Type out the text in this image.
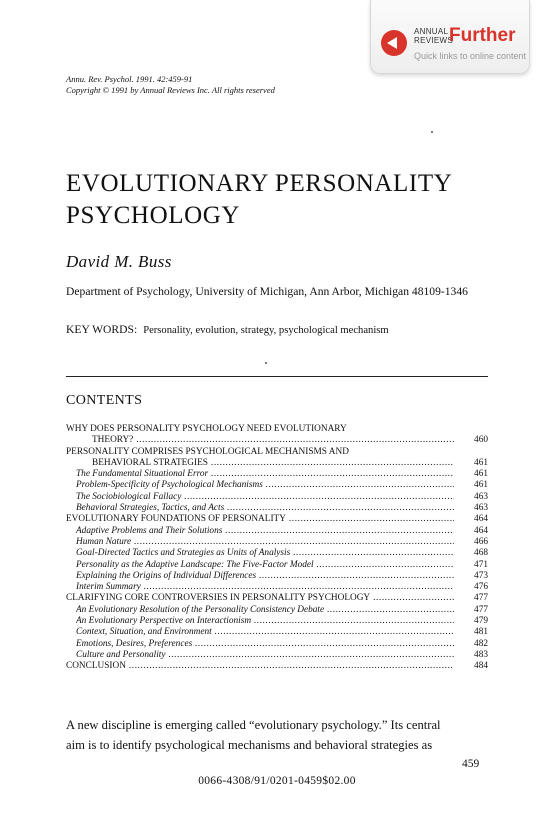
ANNUAL
REVIEWS
Further
Quick links to online content
Annu. Rev. Psychol. 1991. 42:459-91
Copyright © 1991 by Annual Reviews Inc. All rights reserved
EVOLUTIONARY PERSONALITY
PSYCHOLOGY
David M. Buss
Department of Psychology, University of Michigan, Ann Arbor, Michigan 48109-1346
KEY WORDS: Personality, evolution, strategy, psychological mechanism
CONTENTS
WHY DOES PERSONALITY PSYCHOLOGY NEED EVOLUTIONARY
THEORY? .....	460
PERSONALITY COMPRISES PSYCHOLOGICAL MECHANISMS AND
BEHAVIORAL STRATEGIES .....	461
The Fundamental Situational Error .....	461
Problem-Specificity of Psychological Mechanisms .....	461
The Sociobiological Fallacy .....	463
Behavioral Strategies, Tactics, and Acts .....	463
EVOLUTIONARY FOUNDATIONS OF PERSONALITY .....	464
Adaptive Problems and Their Solutions .....	464
Human Nature .....	466
Goal-Directed Tactics and Strategies as Units of Analysis .....	468
Personality as the Adaptive Landscape: The Five-Factor Model .....	471
Explaining the Origins of Individual Differences .....	473
Interim Summary .....	476
CLARIFYING CORE CONTROVERSIES IN PERSONALITY PSYCHOLOGY .....	477
An Evolutionary Resolution of the Personality Consistency Debate .....	477
An Evolutionary Perspective on Interactionism .....	479
Context, Situation, and Environment .....	481
Emotions, Desires, Preferences .....	482
Culture and Personality .....	483
CONCLUSION .....	484
A new discipline is emerging called “evolutionary psychology.” Its central
aim is to identify psychological mechanisms and behavioral strategies as
459
0066-4308/91/0201-0459$02.00
